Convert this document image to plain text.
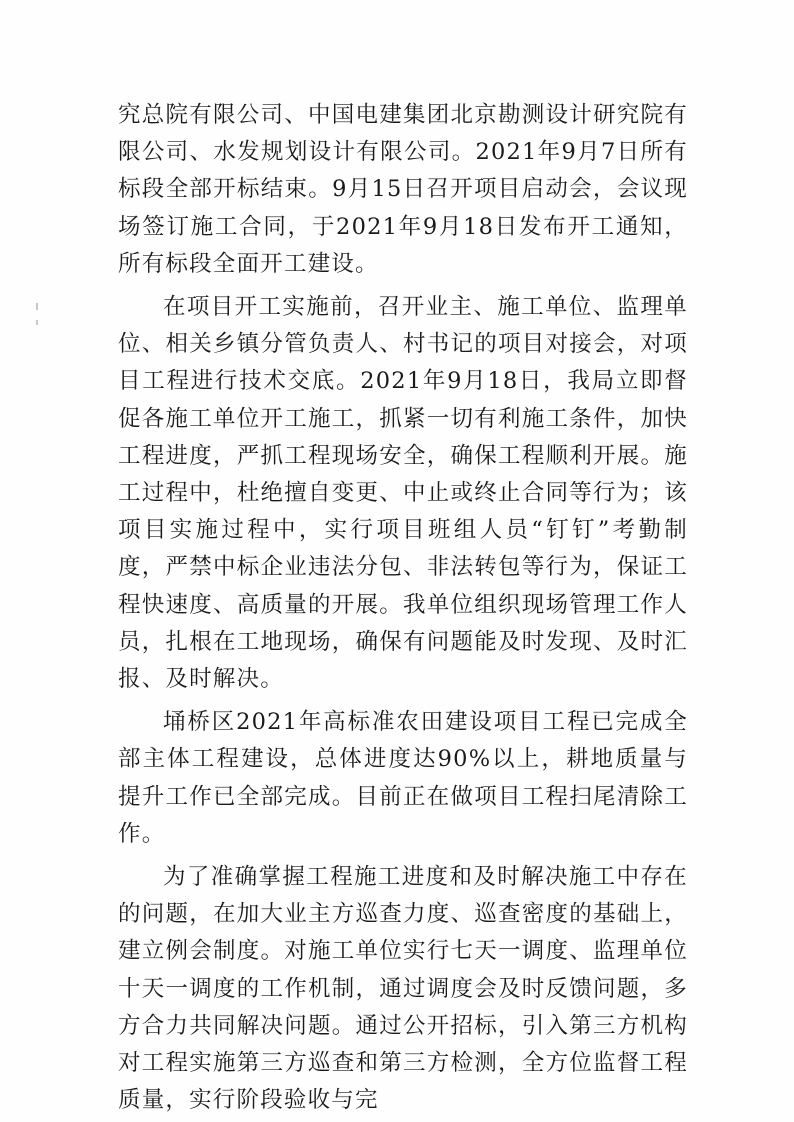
究总院有限公司、中国电建集团北京勘测设计研究院有限公司、水发规划设计有限公司。2021年9月7日所有标段全部开标结束。9月15日召开项目启动会，会议现场签订施工合同，于2021年9月18日发布开工通知，所有标段全面开工建设。

在项目开工实施前，召开业主、施工单位、监理单位、相关乡镇分管负责人、村书记的项目对接会，对项目工程进行技术交底。2021年9月18日，我局立即督促各施工单位开工施工，抓紧一切有利施工条件，加快工程进度，严抓工程现场安全，确保工程顺利开展。施工过程中，杜绝擅自变更、中止或终止合同等行为；该项目实施过程中，实行项目班组人员“钉钉”考勤制度，严禁中标企业违法分包、非法转包等行为，保证工程快速度、高质量的开展。我单位组织现场管理工作人员，扎根在工地现场，确保有问题能及时发现、及时汇报、及时解决。

埇桥区2021年高标准农田建设项目工程已完成全部主体工程建设，总体进度达90%以上，耕地质量与提升工作已全部完成。目前正在做项目工程扫尾清除工作。

为了准确掌握工程施工进度和及时解决施工中存在的问题，在加大业主方巡查力度、巡查密度的基础上，建立例会制度。对施工单位实行七天一调度、监理单位十天一调度的工作机制，通过调度会及时反馈问题，多方合力共同解决问题。通过公开招标，引入第三方机构对工程实施第三方巡查和第三方检测，全方位监督工程质量，实行阶段验收与完
